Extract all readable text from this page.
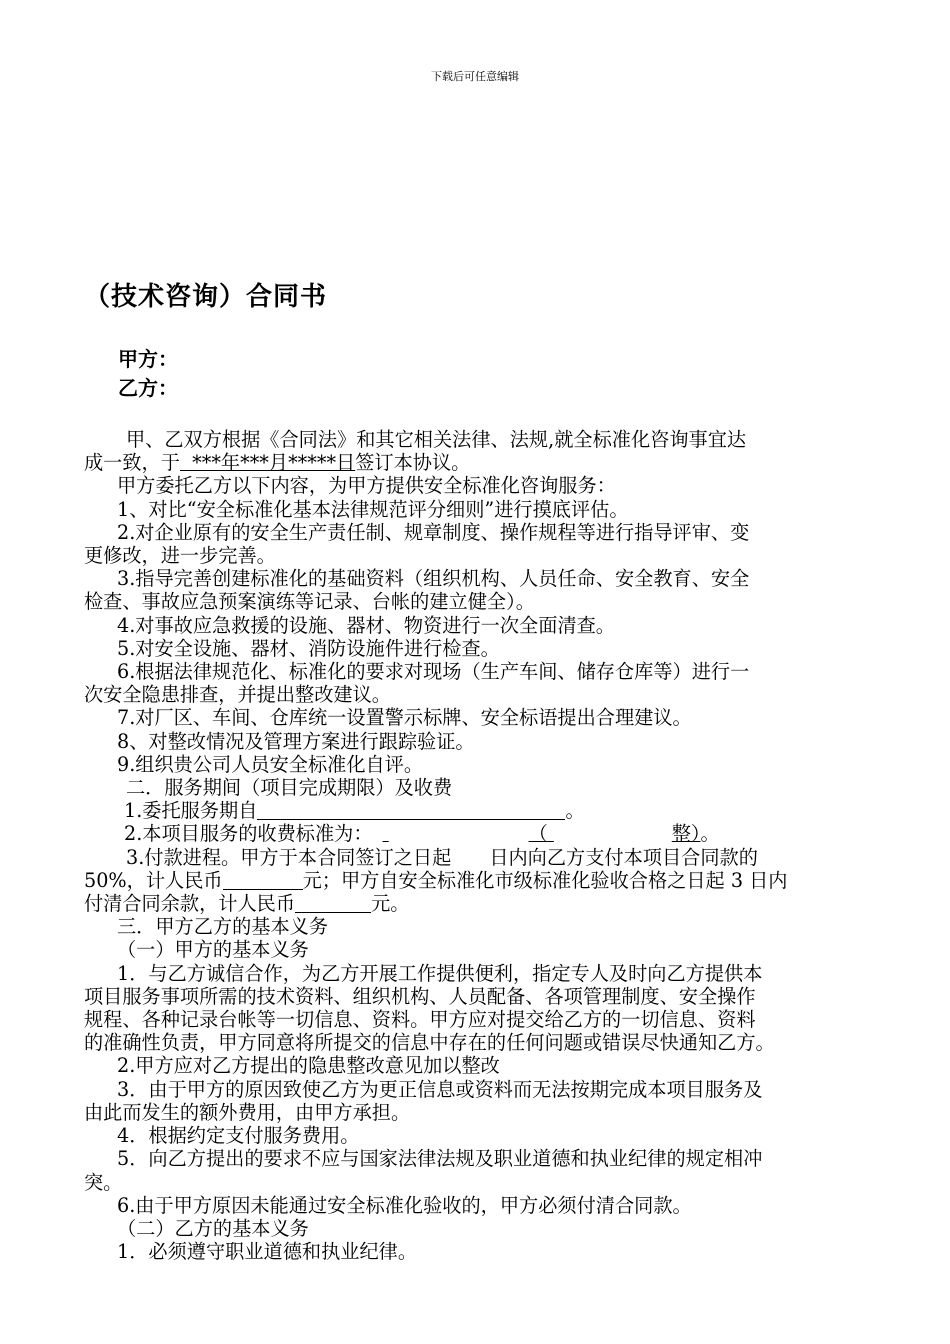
下载后可任意编辑
（技术咨询）合同书
甲方：
乙方：

甲、乙双方根据《合同法》和其它相关法律、法规,就全标准化咨询事宜达

成一致，于  ***年***月*****日签订本协议。

甲方委托乙方以下内容，为甲方提供安全标准化咨询服务：

1、对比“安全标准化基本法律规范评分细则”进行摸底评估。

2.对企业原有的安全生产责任制、规章制度、操作规程等进行指导评审、变

更修改，进一步完善。

3.指导完善创建标准化的基础资料（组织机构、人员任命、安全教育、安全

检查、事故应急预案演练等记录、台帐的建立健全）。

4.对事故应急救援的设施、器材、物资进行一次全面清查。

5.对安全设施、器材、消防设施件进行检查。

6.根据法律规范化、标准化的要求对现场（生产车间、储存仓库等）进行一

次安全隐患排查，并提出整改建议。

7.对厂区、车间、仓库统一设置警示标牌、安全标语提出合理建议。

8、对整改情况及管理方案进行跟踪验证。

9.组织贵公司人员安全标准化自评。

二．服务期间（项目完成期限）及收费

1.委托服务期自	。

2.本项目服务的收费标准为：	（	整）。

3.付款进程。甲方于本合同签订之日起 日内向乙方支付本项目合同款的

50%，计人民币	元；甲方自安全标准化市级标准化验收合格之日起 3 日内

付清合同余款，计人民币	元。

三．甲方乙方的基本义务

（一）甲方的基本义务

1．与乙方诚信合作，为乙方开展工作提供便利，指定专人及时向乙方提供本

项目服务事项所需的技术资料、组织机构、人员配备、各项管理制度、安全操作

规程、各种记录台帐等一切信息、资料。甲方应对提交给乙方的一切信息、资料

的准确性负责，甲方同意将所提交的信息中存在的任何问题或错误尽快通知乙方。

2.甲方应对乙方提出的隐患整改意见加以整改

3．由于甲方的原因致使乙方为更正信息或资料而无法按期完成本项目服务及

由此而发生的额外费用，由甲方承担。

4．根据约定支付服务费用。

5．向乙方提出的要求不应与国家法律法规及职业道德和执业纪律的规定相冲

突。

6.由于甲方原因未能通过安全标准化验收的，甲方必须付清合同款。

（二）乙方的基本义务

1．必须遵守职业道德和执业纪律。
